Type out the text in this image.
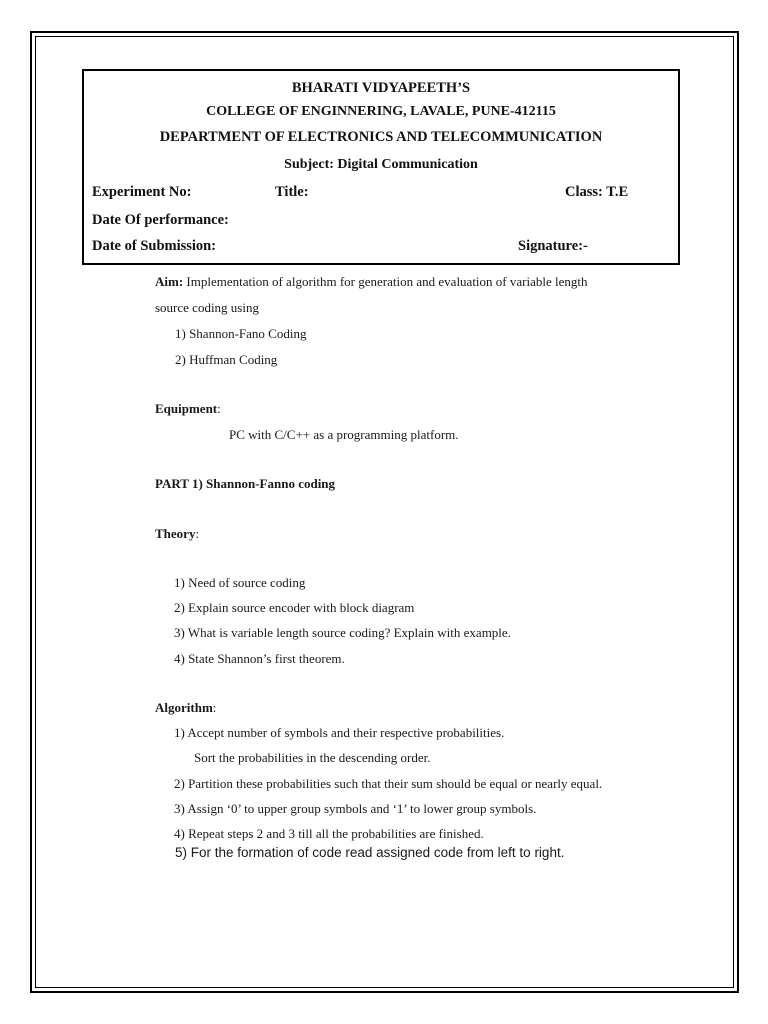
BHARATI VIDYAPEETH’S
COLLEGE OF ENGINNERING, LAVALE, PUNE-412115
DEPARTMENT OF ELECTRONICS AND TELECOMMUNICATION
Subject: Digital Communication
Experiment No:	Title:	Class: T.E
Date Of performance:
Date of Submission:	Signature:-
Aim: Implementation of algorithm for generation and evaluation of variable length
source coding using
1) Shannon-Fano Coding
2) Huffman Coding
Equipment:
PC with C/C++ as a programming platform.
PART 1) Shannon-Fanno coding
Theory:
1) Need of source coding
2) Explain source encoder with block diagram
3) What is variable length source coding? Explain with example.
4) State Shannon’s first theorem.
Algorithm:
1) Accept number of symbols and their respective probabilities.
Sort the probabilities in the descending order.
2) Partition these probabilities such that their sum should be equal or nearly equal.
3) Assign ‘0’ to upper group symbols and ‘1’ to lower group symbols.
4) Repeat steps 2 and 3 till all the probabilities are finished.
5) For the formation of code read assigned code from left to right.
